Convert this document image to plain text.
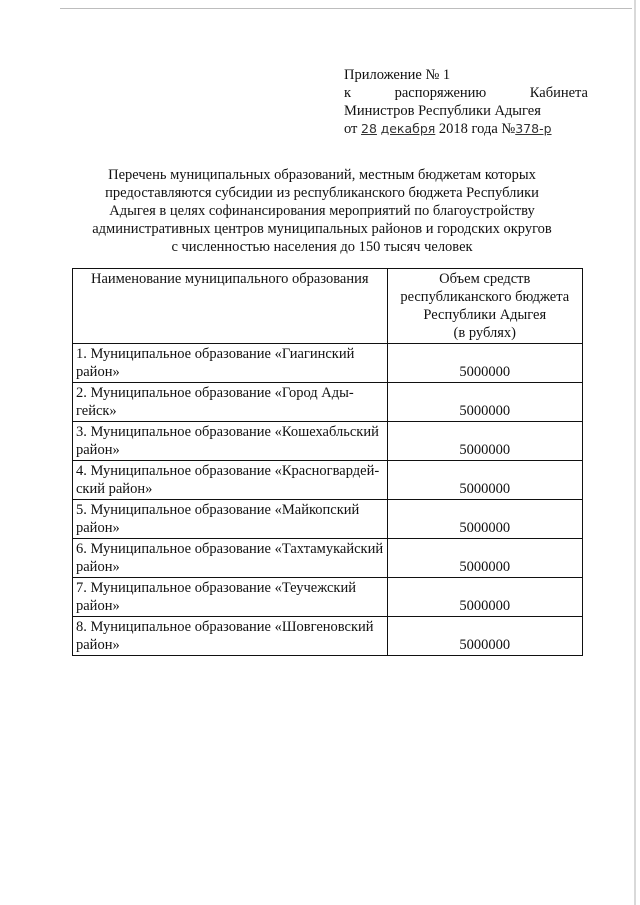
Приложение № 1
к	распоряжению	Кабинета
Министров Республики Адыгея
от
28
декабря
2018 года № 378-р
Перечень муниципальных образований, местным бюджетам которых
предоставляются субсидии из республиканского бюджета Республики
Адыгея в целях софинансирования мероприятий по благоустройству
административных центров муниципальных районов и городских округов
с численностью населения до 150 тысяч человек
Наименование муниципального образования	Объем средств
республиканского бюджета
Республики Адыгея
(в рублях)

1. Муниципальное образование «Гиагинский
район»	5000000

2. Муниципальное образование «Город Ады-
гейск»	5000000

3. Муниципальное образование «Кошехабльский
район»	5000000

4. Муниципальное образование «Красногвардей-
ский район»	5000000

5. Муниципальное образование «Майкопский
район»	5000000

6. Муниципальное образование «Тахтамукайский
район»	5000000

7. Муниципальное образование «Теучежский
район»	5000000

8. Муниципальное образование «Шовгеновский
район»	5000000
